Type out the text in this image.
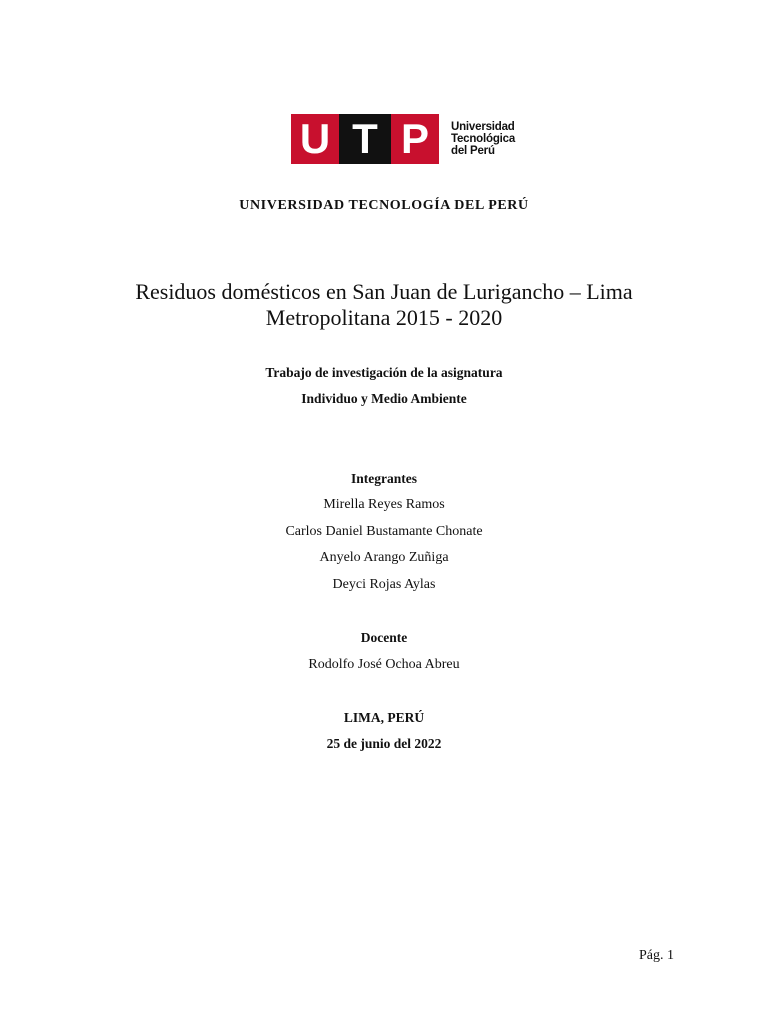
U T P	Universidad
Tecnológica
del Perú
UNIVERSIDAD TECNOLOGÍA DEL PERÚ
Residuos domésticos en San Juan de Lurigancho – Lima
Metropolitana 2015 - 2020
Trabajo de investigación de la asignatura
Individuo y Medio Ambiente
Integrantes
Mirella Reyes Ramos
Carlos Daniel Bustamante Chonate
Anyelo Arango Zuñiga
Deyci Rojas Aylas
Docente
Rodolfo José Ochoa Abreu
LIMA, PERÚ
25 de junio del 2022
Pág. 1
